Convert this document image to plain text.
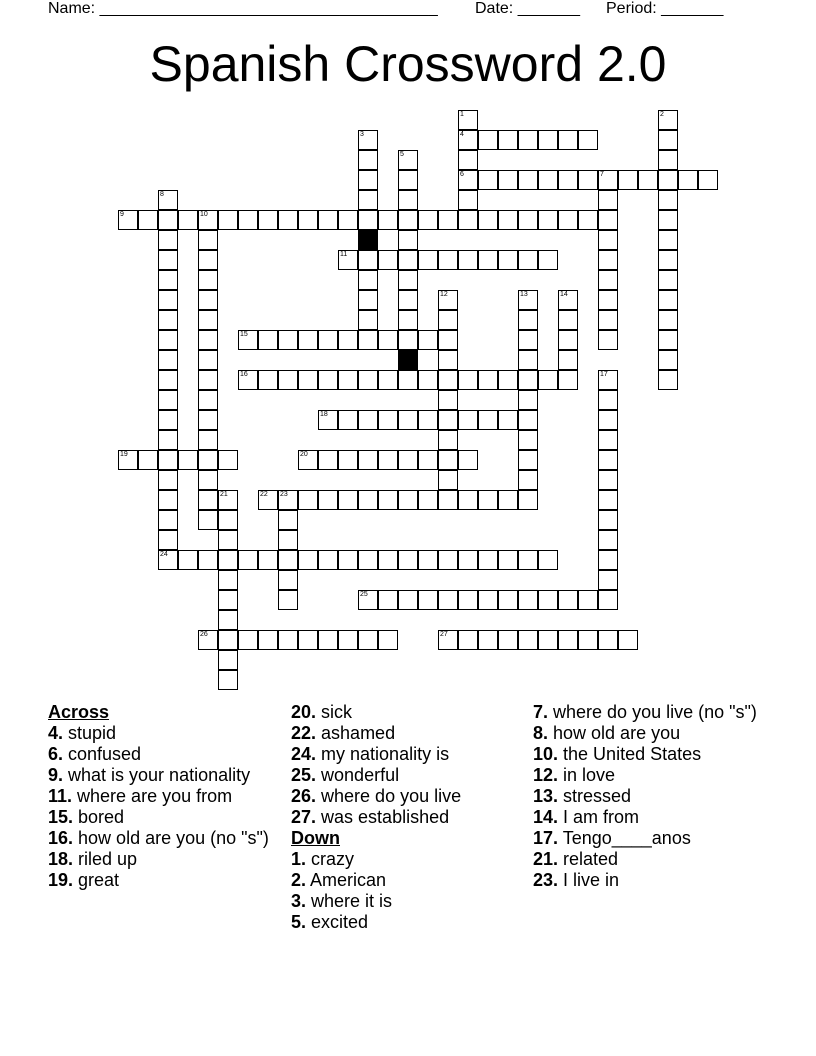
Name: ______________________________________ Date: _______ Period: _______
Spanish Crossword 2.0
1	2
3	4
5
6	7
8
9	10
11
12	13	14
15
16	17
18
19	20
21	22 23
24
25
26	27
Across
4. stupid
6. confused
9. what is your nationality
11. where are you from
15. bored
16. how old are you (no "s")
18. riled up
19. great
20. sick
22. ashamed
24. my nationality is
25. wonderful
26. where do you live
27. was established
Down
1. crazy
2. American
3. where it is
5. excited
7. where do you live (no "s")
8. how old are you
10. the United States
12. in love
13. stressed
14. I am from
17. Tengo____anos
21. related
23. I live in
